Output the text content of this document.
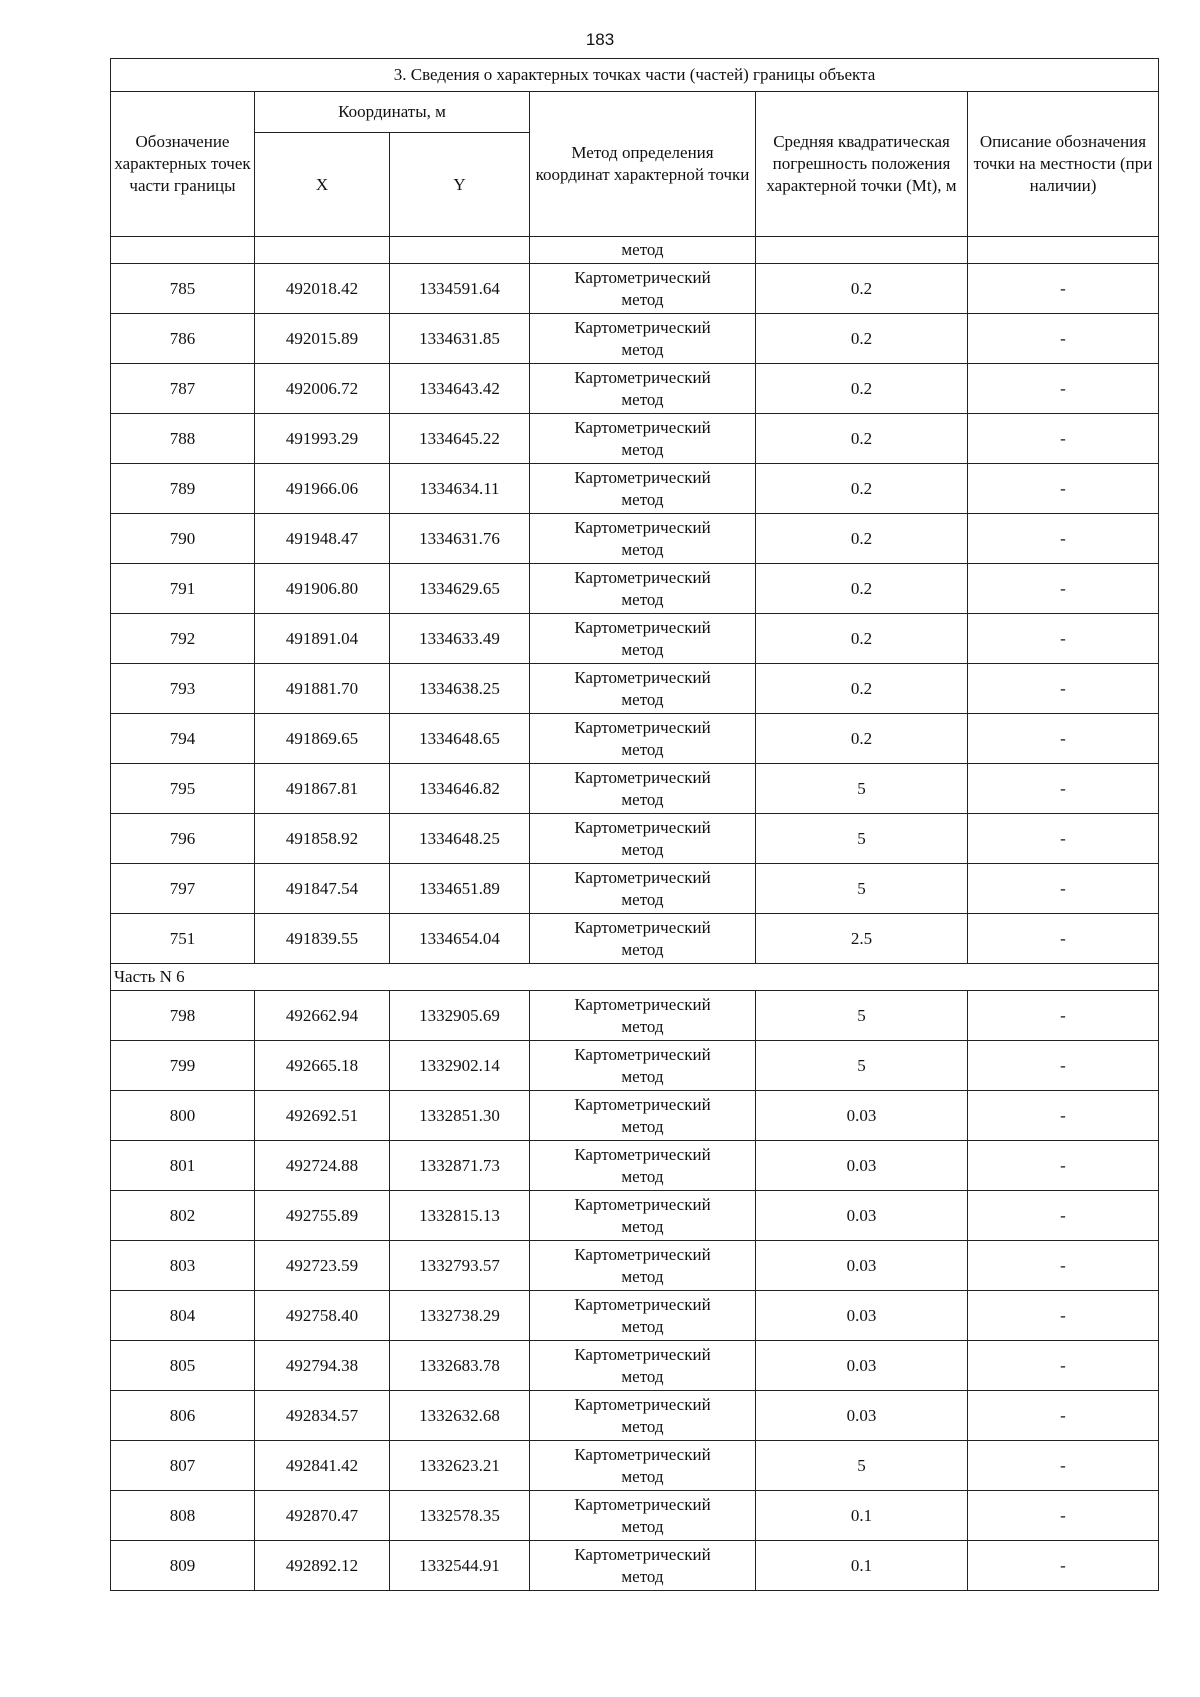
183
3. Сведения о характерных точках части (частей) границы объекта					
Обозначение характерных точек части границы	Координаты, м		Метод определения координат характерной точки	Средняя квадратическая погрешность положения характерной точки (Mt), м	Описание обозначения точки на местности (при наличии)
	X	Y			
			метод		
785	492018.42	1334591.64	Картометрический
метод	0.2	-
786	492015.89	1334631.85	Картометрический
метод	0.2	-
787	492006.72	1334643.42	Картометрический
метод	0.2	-
788	491993.29	1334645.22	Картометрический
метод	0.2	-
789	491966.06	1334634.11	Картометрический
метод	0.2	-
790	491948.47	1334631.76	Картометрический
метод	0.2	-
791	491906.80	1334629.65	Картометрический
метод	0.2	-
792	491891.04	1334633.49	Картометрический
метод	0.2	-
793	491881.70	1334638.25	Картометрический
метод	0.2	-
794	491869.65	1334648.65	Картометрический
метод	0.2	-
795	491867.81	1334646.82	Картометрический
метод	5	-
796	491858.92	1334648.25	Картометрический
метод	5	-
797	491847.54	1334651.89	Картометрический
метод	5	-
751	491839.55	1334654.04	Картометрический
метод	2.5	-
Часть N 6					
798	492662.94	1332905.69	Картометрический
метод	5	-
799	492665.18	1332902.14	Картометрический
метод	5	-
800	492692.51	1332851.30	Картометрический
метод	0.03	-
801	492724.88	1332871.73	Картометрический
метод	0.03	-
802	492755.89	1332815.13	Картометрический
метод	0.03	-
803	492723.59	1332793.57	Картометрический
метод	0.03	-
804	492758.40	1332738.29	Картометрический
метод	0.03	-
805	492794.38	1332683.78	Картометрический
метод	0.03	-
806	492834.57	1332632.68	Картометрический
метод	0.03	-
807	492841.42	1332623.21	Картометрический
метод	5	-
808	492870.47	1332578.35	Картометрический
метод	0.1	-
809	492892.12	1332544.91	Картометрический
метод	0.1	-
